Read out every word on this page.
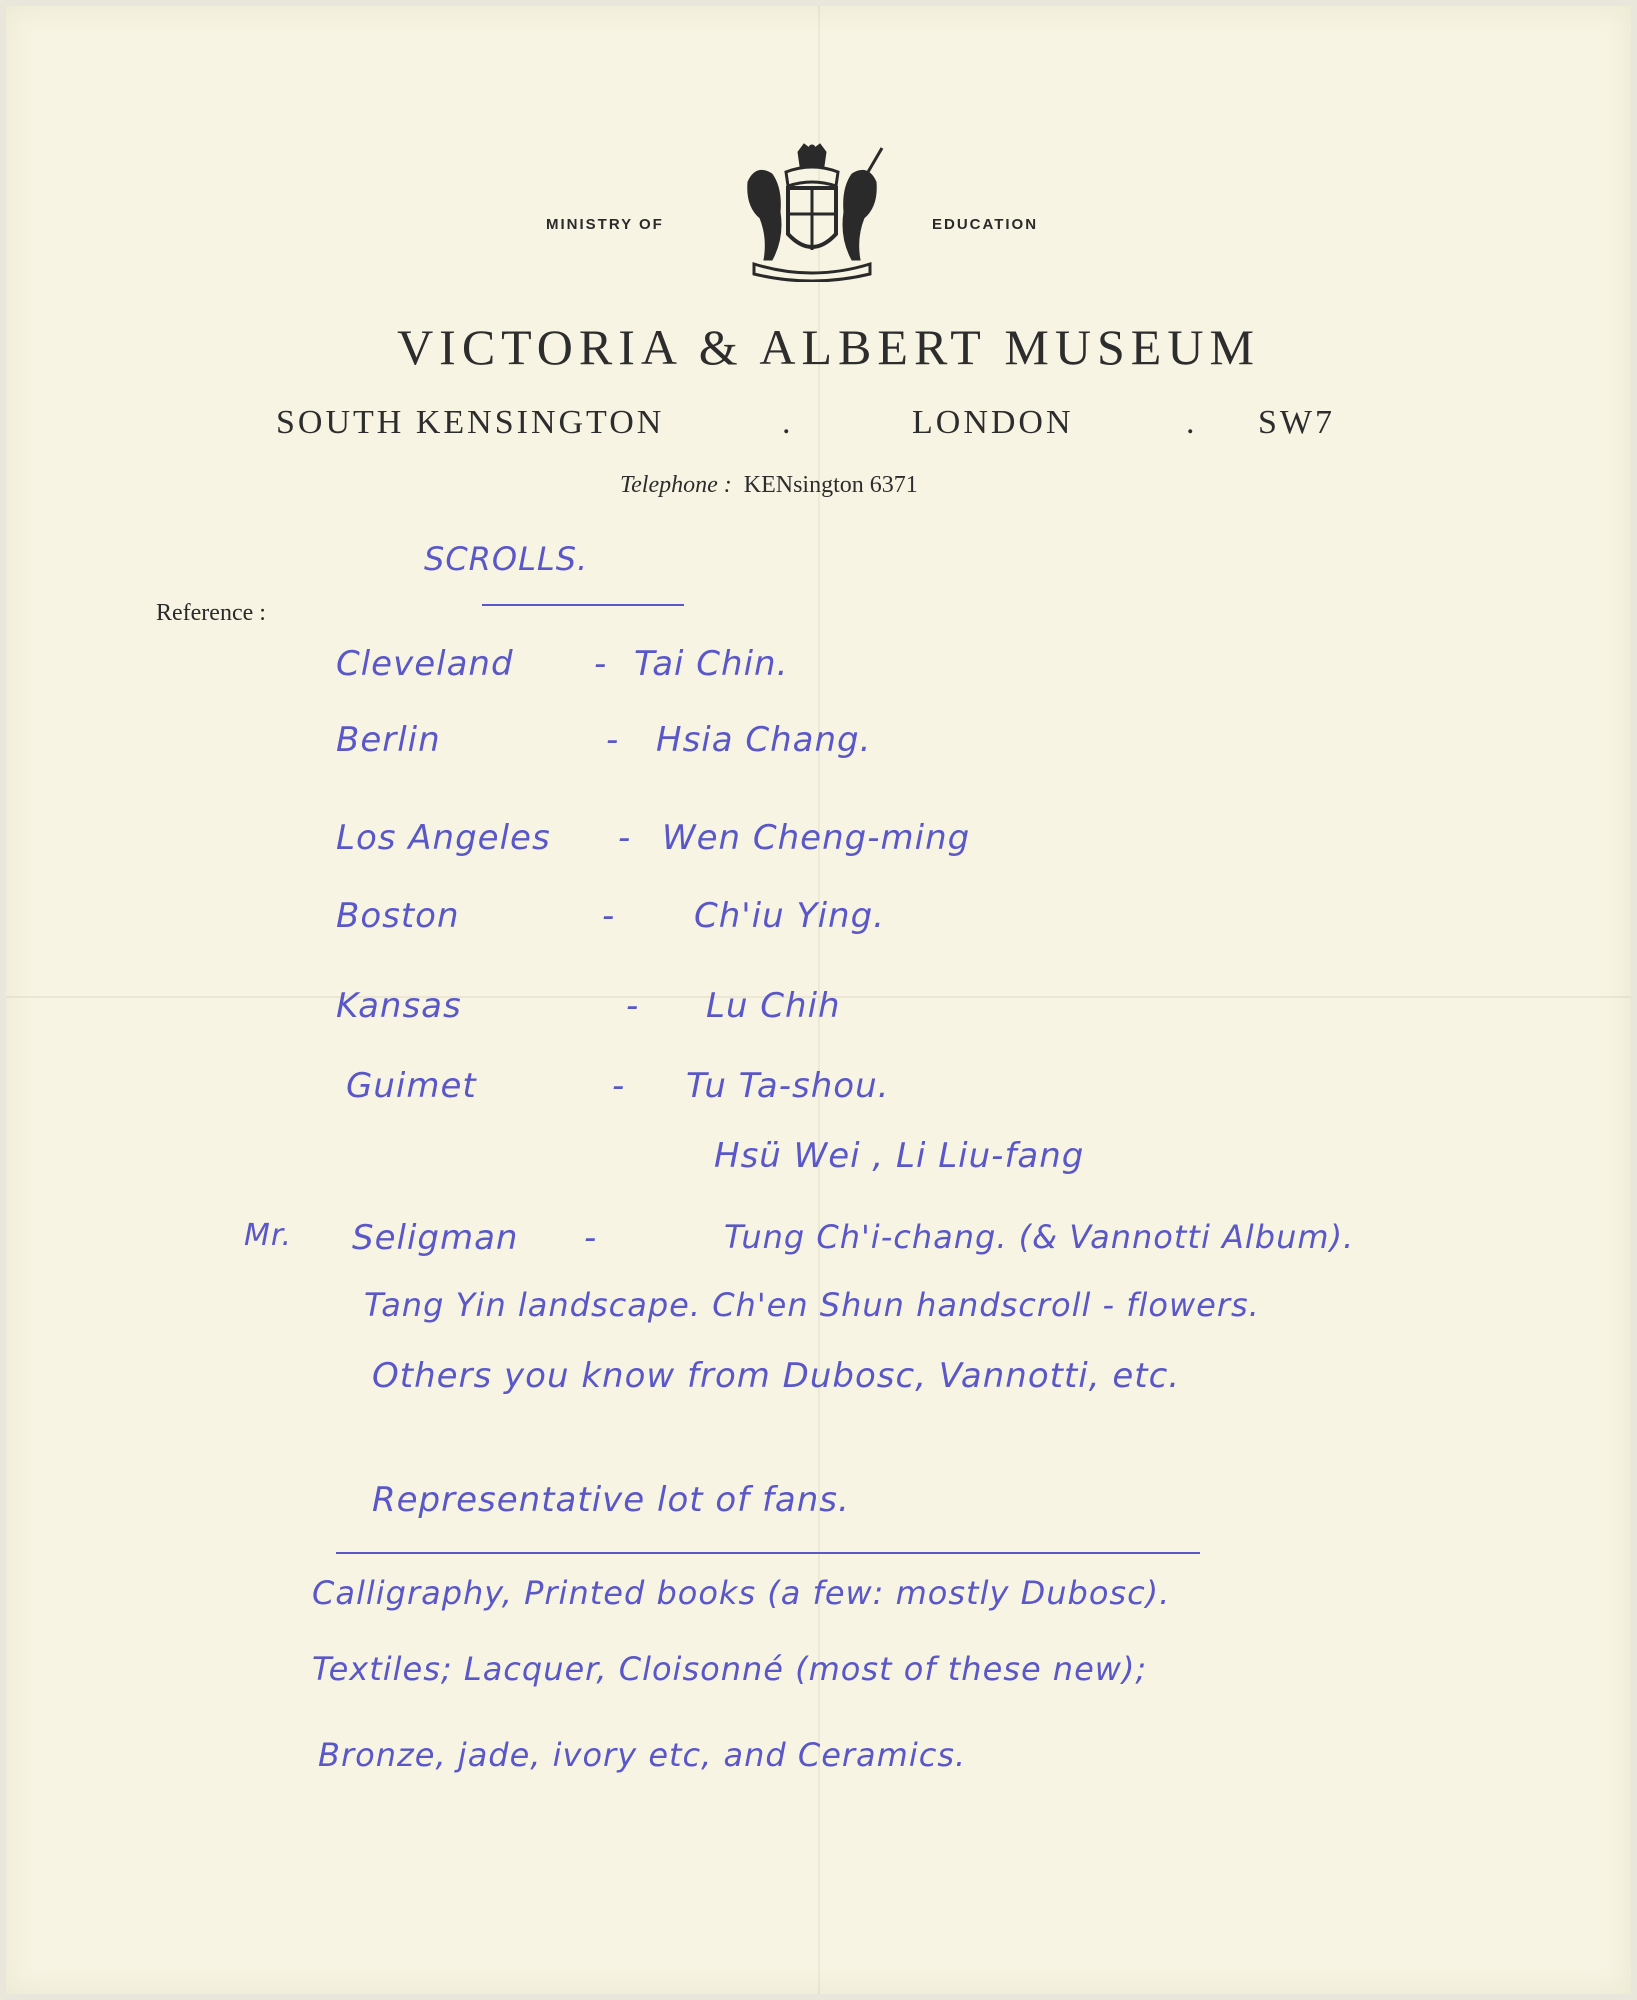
MINISTRY OF	EDUCATION
VICTORIA & ALBERT MUSEUM
SOUTH KENSINGTON	.	LONDON	. SW7
Telephone : KENsington 6371
Reference :
SCROLLS.
Cleveland - Tai Chin.
Berlin	- Hsia Chang.
Los Angeles - Wen Cheng-ming
Boston	- Ch'iu Ying.
Kansas	- Lu Chih
Guimet	- Tu Ta-shou.
Hsü Wei , Li Liu-fang
Mr. Seligman -	Tung Ch'i-chang. (& Vannotti Album).
Tang Yin landscape. Ch'en Shun handscroll - flowers.
Others you know from Dubosc, Vannotti, etc.
Representative lot of fans.
Calligraphy, Printed books (a few: mostly Dubosc).
Textiles; Lacquer, Cloisonné (most of these new);
Bronze, jade, ivory etc, and Ceramics.
